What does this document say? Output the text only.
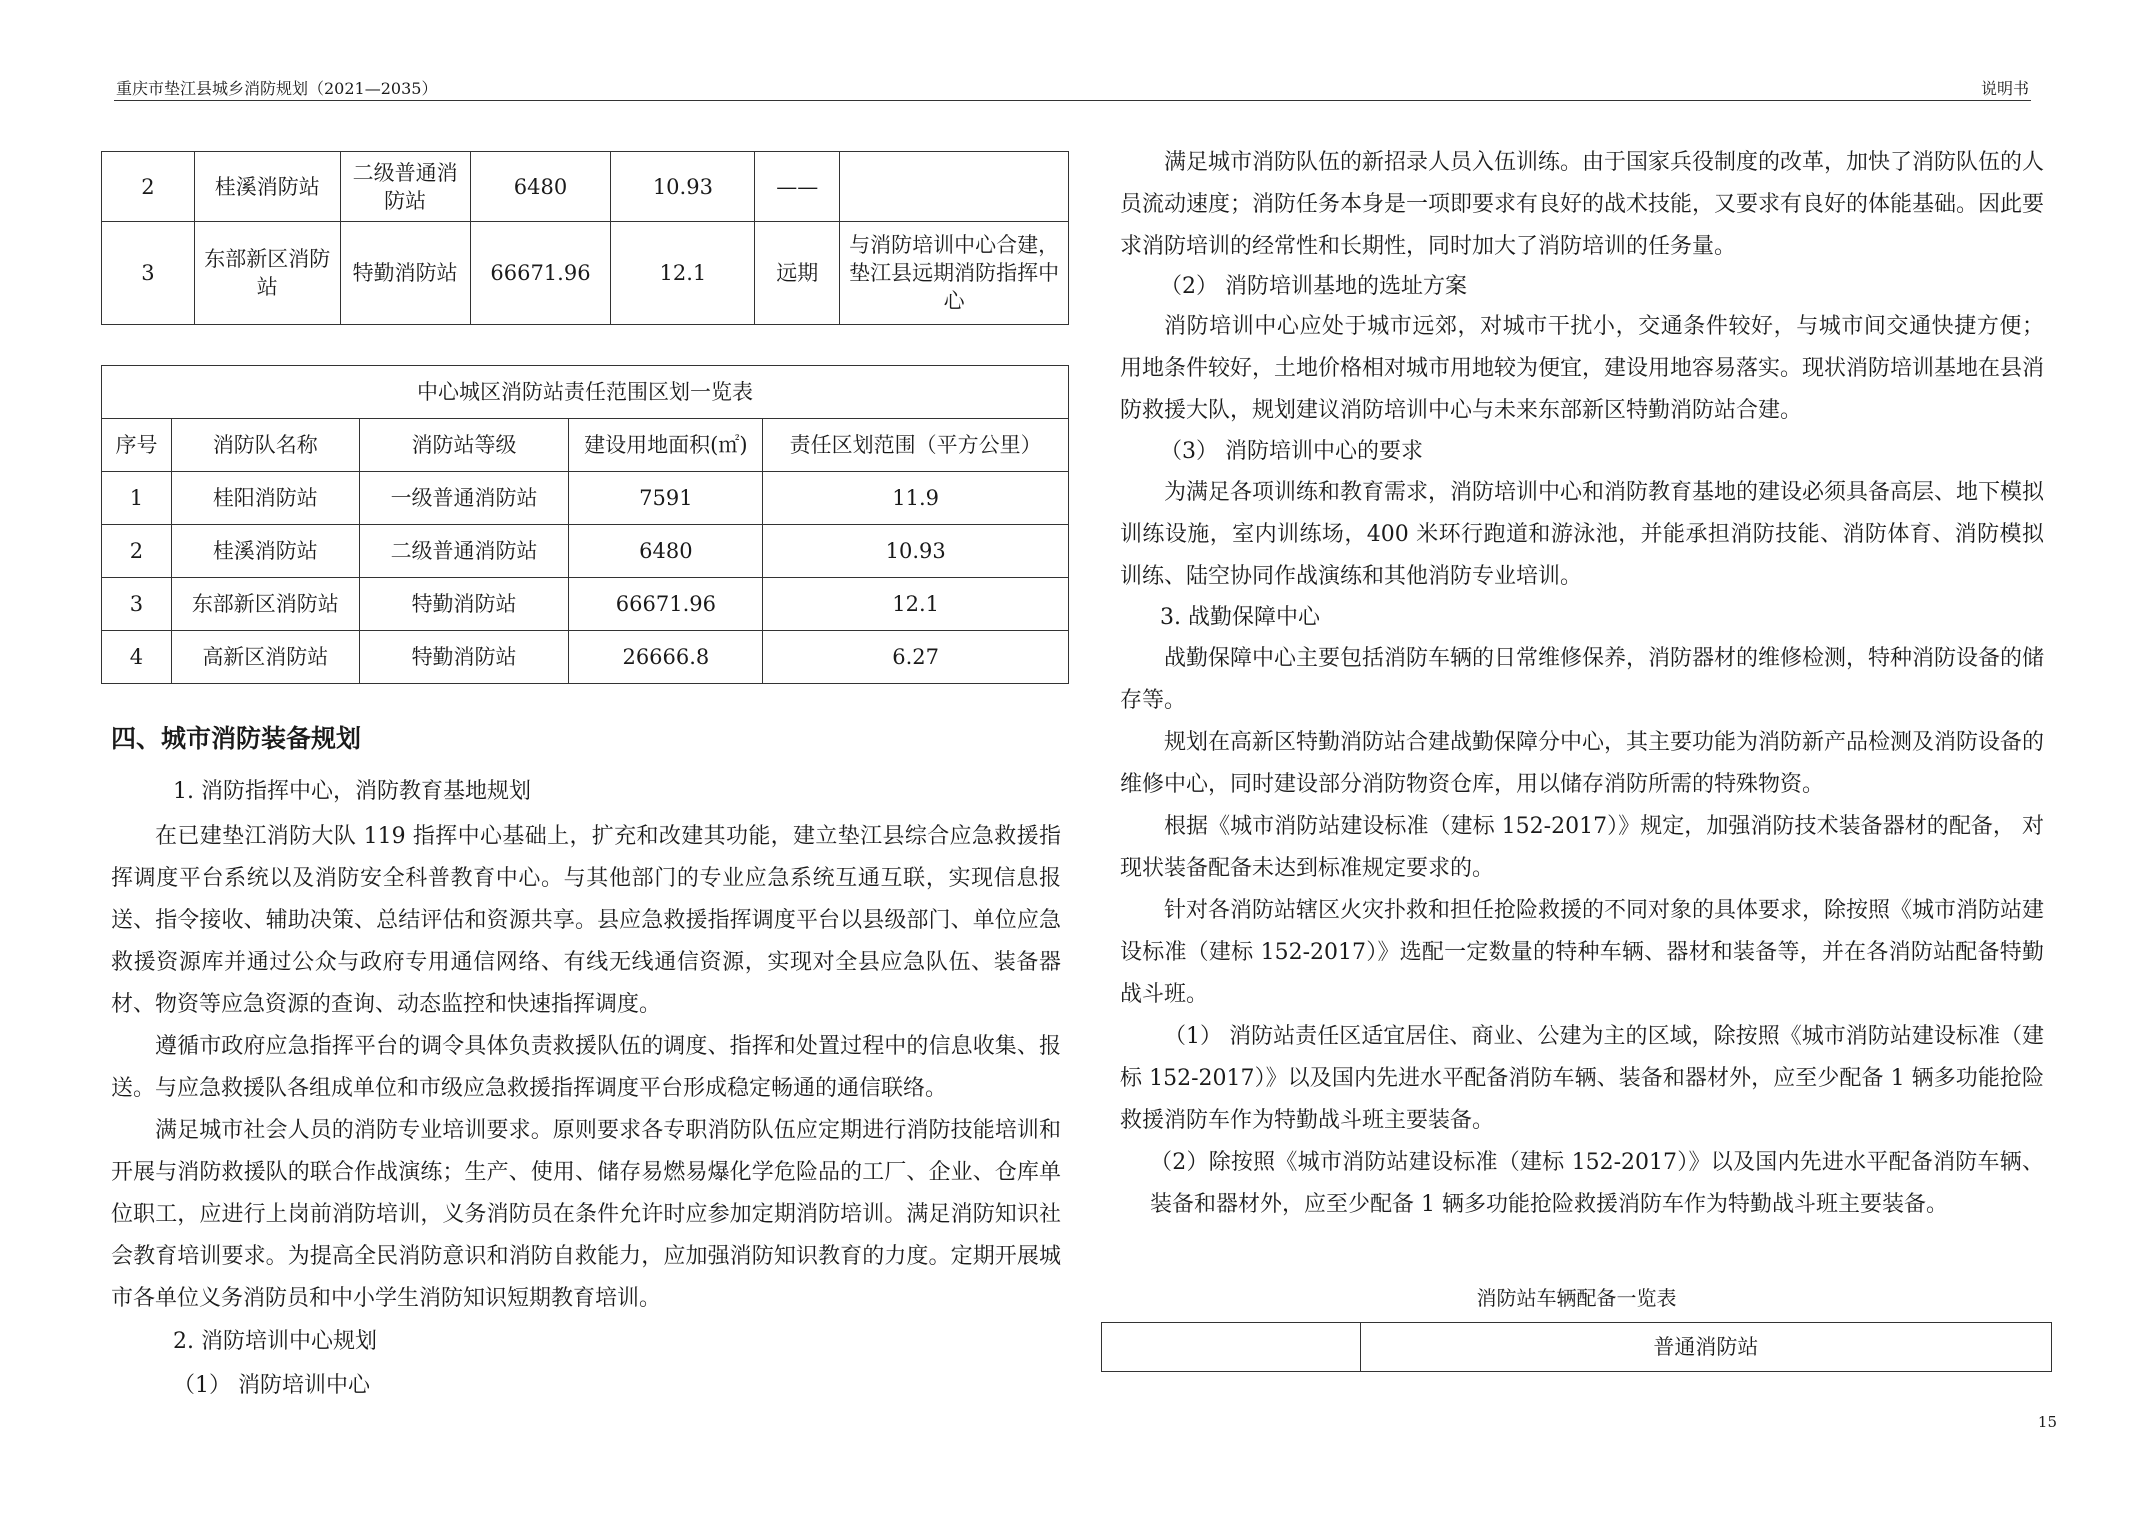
重庆市垫江县城乡消防规划（2021—2035）	说明书
2	桂溪消防站	二级普通消防站	6480	10.93	——	
3	东部新区消防站	特勤消防站	66671.96	12.1	远期	与消防培训中心合建，垫江县远期消防指挥中心
中心城区消防站责任范围区划一览表				
序号	消防队名称	消防站等级	建设用地面积(㎡)	责任区划范围（平方公里）
1	桂阳消防站	一级普通消防站	7591	11.9
2	桂溪消防站	二级普通消防站	6480	10.93
3	东部新区消防站	特勤消防站	66671.96	12.1
4	高新区消防站	特勤消防站	26666.8	6.27

四、城市消防装备规划

1. 消防指挥中心，消防教育基地规划

在已建垫江消防大队 119 指挥中心基础上，扩充和改建其功能，建立垫江县综合应急救援指挥调度平台系统以及消防安全科普教育中心。与其他部门的专业应急系统互通互联，实现信息报送、指令接收、辅助决策、总结评估和资源共享。县应急救援指挥调度平台以县级部门、单位应急救援资源库并通过公众与政府专用通信网络、有线无线通信资源，实现对全县应急队伍、装备器材、物资等应急资源的查询、动态监控和快速指挥调度。

遵循市政府应急指挥平台的调令具体负责救援队伍的调度、指挥和处置过程中的信息收集、报送。与应急救援队各组成单位和市级应急救援指挥调度平台形成稳定畅通的通信联络。

满足城市社会人员的消防专业培训要求。原则要求各专职消防队伍应定期进行消防技能培训和开展与消防救援队的联合作战演练；生产、使用、储存易燃易爆化学危险品的工厂、企业、仓库单位职工，应进行上岗前消防培训，义务消防员在条件允许时应参加定期消防培训。满足消防知识社会教育培训要求。为提高全民消防意识和消防自救能力，应加强消防知识教育的力度。定期开展城市各单位义务消防员和中小学生消防知识短期教育培训。

2. 消防培训中心规划

（1） 消防培训中心

满足城市消防队伍的新招录人员入伍训练。由于国家兵役制度的改革，加快了消防队伍的人员流动速度；消防任务本身是一项即要求有良好的战术技能，又要求有良好的体能基础。因此要求消防培训的经常性和长期性，同时加大了消防培训的任务量。

（2） 消防培训基地的选址方案

消防培训中心应处于城市远郊，对城市干扰小，交通条件较好，与城市间交通快捷方便； 用地条件较好，土地价格相对城市用地较为便宜，建设用地容易落实。现状消防培训基地在县消防救援大队，规划建议消防培训中心与未来东部新区特勤消防站合建。

（3） 消防培训中心的要求

为满足各项训练和教育需求，消防培训中心和消防教育基地的建设必须具备高层、地下模拟训练设施，室内训练场，400 米环行跑道和游泳池，并能承担消防技能、消防体育、消防模拟训练、陆空协同作战演练和其他消防专业培训。

3. 战勤保障中心

战勤保障中心主要包括消防车辆的日常维修保养，消防器材的维修检测，特种消防设备的储存等。

规划在高新区特勤消防站合建战勤保障分中心，其主要功能为消防新产品检测及消防设备的维修中心，同时建设部分消防物资仓库，用以储存消防所需的特殊物资。

根据《城市消防站建设标准（建标 152-2017）》规定，加强消防技术装备器材的配备， 对现状装备配备未达到标准规定要求的。

针对各消防站辖区火灾扑救和担任抢险救援的不同对象的具体要求，除按照《城市消防站建设标准（建标 152-2017）》选配一定数量的特种车辆、器材和装备等，并在各消防站配备特勤战斗班。

（1） 消防站责任区适宜居住、商业、公建为主的区域，除按照《城市消防站建设标准（建标 152-2017）》以及国内先进水平配备消防车辆、装备和器材外，应至少配备 1 辆多功能抢险救援消防车作为特勤战斗班主要装备。

（2）除按照《城市消防站建设标准（建标 152-2017）》以及国内先进水平配备消防车辆、装备和器材外，应至少配备 1 辆多功能抢险救援消防车作为特勤战斗班主要装备。

消防站车辆配备一览表

	普通消防站
15
